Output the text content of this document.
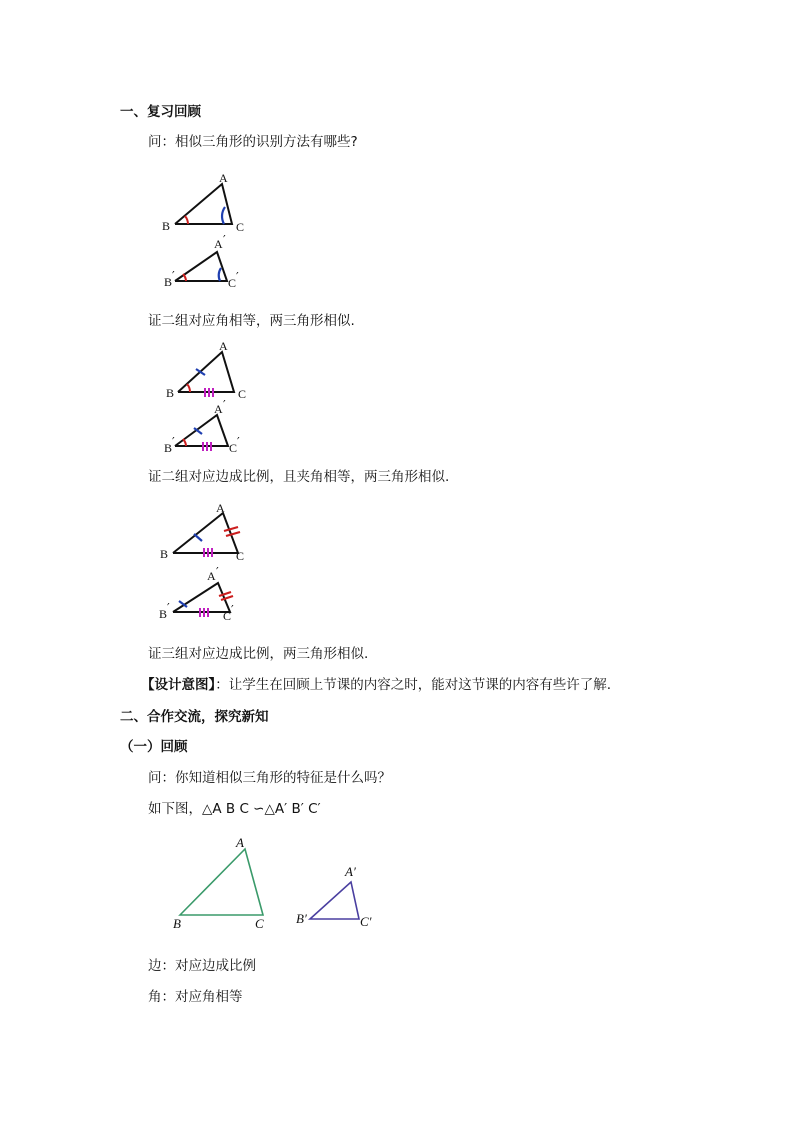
一、复习回顾
问：相似三角形的识别方法有哪些?
A
B	C
A ′
B ′	C ′
证二组对应角相等，两三角形相似.
A
B	C
A ′
B ′	C ′
证二组对应边成比例，且夹角相等，两三角形相似.
A
B	C
A ′
B ′
C ′
证三组对应边成比例，两三角形相似.
【设计意图】：让学生在回顾上节课的内容之时，能对这节课的内容有些许了解.
二、合作交流，探究新知
（一）回顾
问：你知道相似三角形的特征是什么吗？
如下图，△A B C ∽△A′ B′ C′
A
B	C
A′
B′	C′
边：对应边成比例
角：对应角相等
